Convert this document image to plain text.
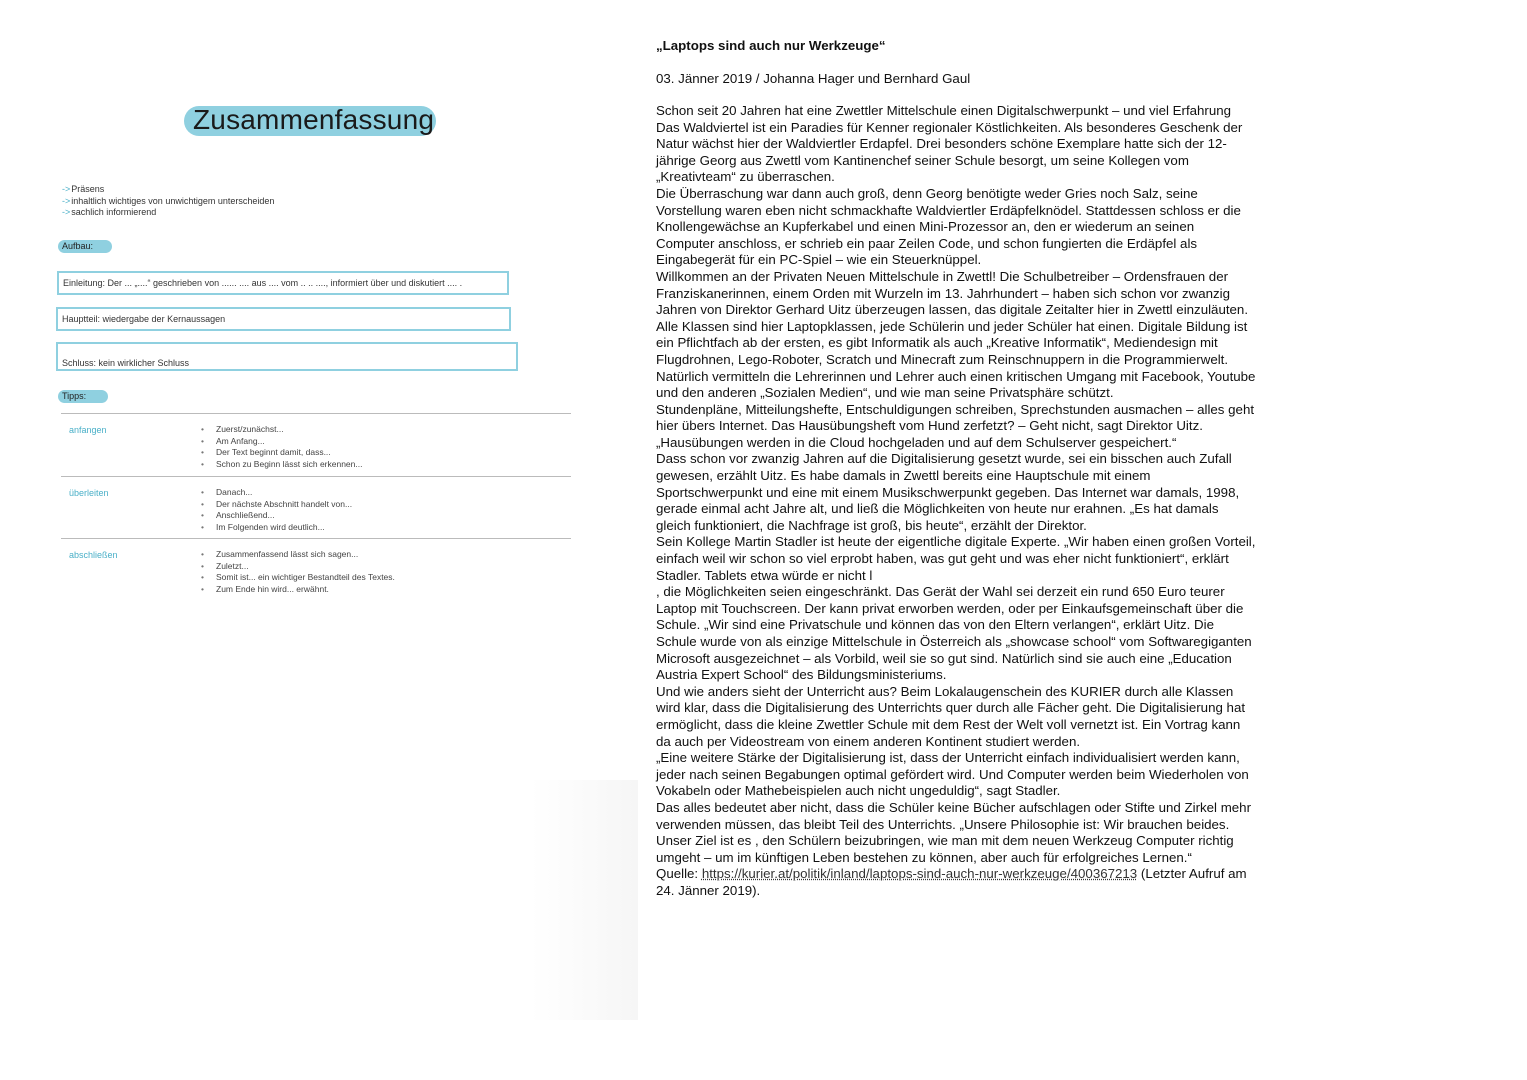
Zusammenfassung
-> Präsens
-> inhaltlich wichtiges von unwichtigem unterscheiden
-> sachlich informierend
Aufbau:
Einleitung: Der ... „....“ geschrieben von ...... .... aus .... vom .. .. ...., informiert über und diskutiert .... .
Hauptteil: wiedergabe der Kernaussagen
Schluss: kein wirklicher Schluss
Tipps:
anfangen	• Zuerst/zunächst...
• Am Anfang...
• Der Text beginnt damit, dass...
• Schon zu Beginn lässt sich erkennen...
überleiten	• Danach...
• Der nächste Abschnitt handelt von...
• Anschließend...
• Im Folgenden wird deutlich...
abschließen	• Zusammenfassend lässt sich sagen...
• Zuletzt...
• Somit ist... ein wichtiger Bestandteil des Textes.
• Zum Ende hin wird... erwähnt.
„Laptops sind auch nur Werkzeuge“
03. Jänner 2019 / Johanna Hager und Bernhard Gaul

Schon seit 20 Jahren hat eine Zwettler Mittelschule einen Digitalschwerpunkt – und viel Erfahrung

Das Waldviertel ist ein Paradies für Kenner regionaler Köstlichkeiten. Als besonderes Geschenk der Natur wächst hier der Waldviertler Erdapfel. Drei besonders schöne Exemplare hatte sich der 12-jährige Georg aus Zwettl vom Kantinenchef seiner Schule besorgt, um seine Kollegen vom „Kreativteam“ zu überraschen.

Die Überraschung war dann auch groß, denn Georg benötigte weder Gries noch Salz, seine Vorstellung waren eben nicht schmackhafte Waldviertler Erdäpfelknödel. Stattdessen schloss er die Knollengewächse an Kupferkabel und einen Mini-Prozessor an, den er wiederum an seinen Computer anschloss, er schrieb ein paar Zeilen Code, und schon fungierten die Erdäpfel als Eingabegerät für ein PC-Spiel – wie ein Steuerknüppel.

Willkommen an der Privaten Neuen Mittelschule in Zwettl! Die Schulbetreiber – Ordensfrauen der Franziskanerinnen, einem Orden mit Wurzeln im 13. Jahrhundert – haben sich schon vor zwanzig Jahren von Direktor Gerhard Uitz überzeugen lassen, das digitale Zeitalter hier in Zwettl einzuläuten.

Alle Klassen sind hier Laptopklassen, jede Schülerin und jeder Schüler hat einen. Digitale Bildung ist ein Pflichtfach ab der ersten, es gibt Informatik als auch „Kreative Informatik“, Mediendesign mit Flugdrohnen, Lego-Roboter, Scratch und Minecraft zum Reinschnuppern in die Programmierwelt. Natürlich vermitteln die Lehrerinnen und Lehrer auch einen kritischen Umgang mit Facebook, Youtube und den anderen „Sozialen Medien“, und wie man seine Privatsphäre schützt.

Stundenpläne, Mitteilungshefte, Entschuldigungen schreiben, Sprechstunden ausmachen – alles geht hier übers Internet. Das Hausübungsheft vom Hund zerfetzt? – Geht nicht, sagt Direktor Uitz. „Hausübungen werden in die Cloud hochgeladen und auf dem Schulserver gespeichert.“

Dass schon vor zwanzig Jahren auf die Digitalisierung gesetzt wurde, sei ein bisschen auch Zufall gewesen, erzählt Uitz. Es habe damals in Zwettl bereits eine Hauptschule mit einem Sportschwerpunkt und eine mit einem Musikschwerpunkt gegeben. Das Internet war damals, 1998, gerade einmal acht Jahre alt, und ließ die Möglichkeiten von heute nur erahnen. „Es hat damals gleich funktioniert, die Nachfrage ist groß, bis heute“, erzählt der Direktor.

Sein Kollege Martin Stadler ist heute der eigentliche digitale Experte. „Wir haben einen großen Vorteil, einfach weil wir schon so viel erprobt haben, was gut geht und was eher nicht funktioniert“, erklärt Stadler. Tablets etwa würde er nicht l

, die Möglichkeiten seien eingeschränkt. Das Gerät der Wahl sei derzeit ein rund 650 Euro teurer Laptop mit Touchscreen. Der kann privat erworben werden, oder per Einkaufsgemeinschaft über die Schule. „Wir sind eine Privatschule und können das von den Eltern verlangen“, erklärt Uitz. Die Schule wurde von als einzige Mittelschule in Österreich als „showcase school“ vom Softwaregiganten Microsoft ausgezeichnet – als Vorbild, weil sie so gut sind. Natürlich sind sie auch eine „Education Austria Expert School“ des Bildungsministeriums.

Und wie anders sieht der Unterricht aus? Beim Lokalaugenschein des KURIER durch alle Klassen wird klar, dass die Digitalisierung des Unterrichts quer durch alle Fächer geht. Die Digitalisierung hat ermöglicht, dass die kleine Zwettler Schule mit dem Rest der Welt voll vernetzt ist. Ein Vortrag kann da auch per Videostream von einem anderen Kontinent studiert werden.

„Eine weitere Stärke der Digitalisierung ist, dass der Unterricht einfach individualisiert werden kann, jeder nach seinen Begabungen optimal gefördert wird. Und Computer werden beim Wiederholen von Vokabeln oder Mathebeispielen auch nicht ungeduldig“, sagt Stadler.

Das alles bedeutet aber nicht, dass die Schüler keine Bücher aufschlagen oder Stifte und Zirkel mehr verwenden müssen, das bleibt Teil des Unterrichts. „Unsere Philosophie ist: Wir brauchen beides. Unser Ziel ist es , den Schülern beizubringen, wie man mit dem neuen Werkzeug Computer richtig umgeht – um im künftigen Leben bestehen zu können, aber auch für erfolgreiches Lernen.“

Quelle: https://kurier.at/politik/inland/laptops-sind-auch-nur-werkzeuge/400367213 (Letzter Aufruf am 24. Jänner 2019).
